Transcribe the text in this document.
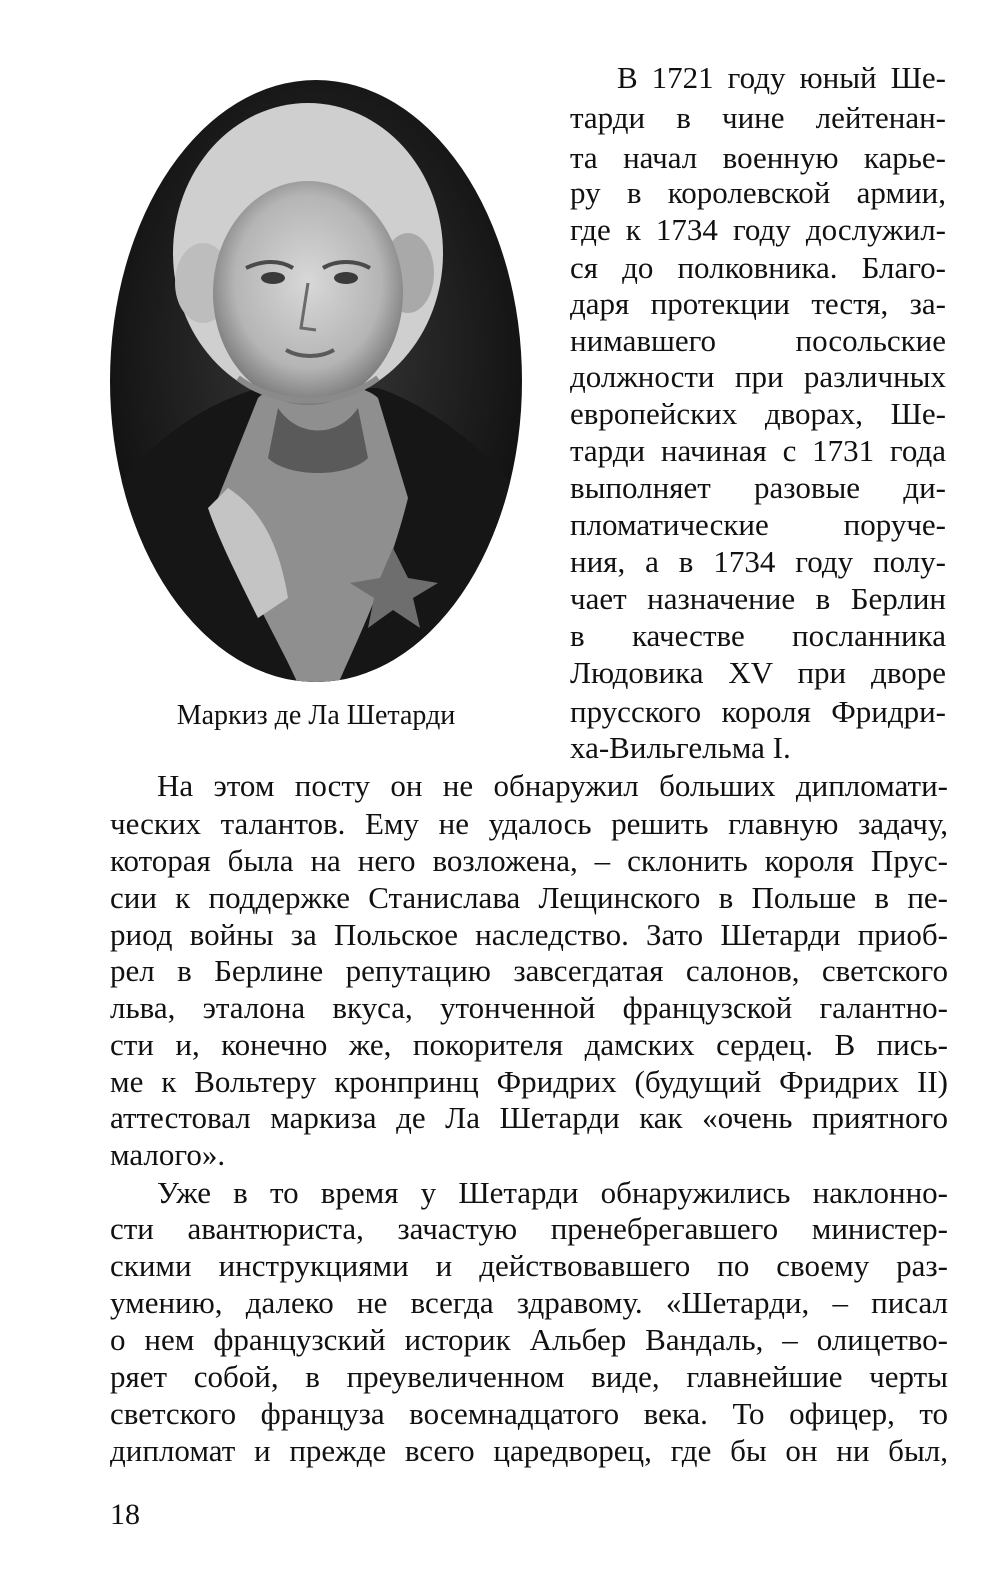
Маркиз де Ла Шетарди
В 1721 году юный Ше-
тарди в чине лейтенан-
та начал военную карье-
ру в королевской армии,
где к 1734 году дослужил-
ся до полковника. Благо-
даря протекции тестя, за-
нимавшего посольские
должности при различных
европейских дворах, Ше-
тарди начиная с 1731 года
выполняет разовые ди-
пломатические поруче-
ния, а в 1734 году полу-
чает назначение в Берлин
в качестве посланника
Людовика XV при дворе
прусского короля Фридри-
ха-Вильгельма I.
На этом посту он не обнаружил больших дипломати-
ческих талантов. Ему не удалось решить главную задачу,
которая была на него возложена, – склонить короля Прус-
сии к поддержке Станислава Лещинского в Польше в пе-
риод войны за Польское наследство. Зато Шетарди приоб-
рел в Берлине репутацию завсегдатая салонов, светского
льва, эталона вкуса, утонченной французской галантно-
сти и, конечно же, покорителя дамских сердец. В пись-
ме к Вольтеру кронпринц Фридрих (будущий Фридрих II)
аттестовал маркиза де Ла Шетарди как «очень приятного
малого».
Уже в то время у Шетарди обнаружились наклонно-
сти авантюриста, зачастую пренебрегавшего министер-
скими инструкциями и действовавшего по своему раз-
умению, далеко не всегда здравому. «Шетарди, – писал
о нем французский историк Альбер Вандаль, – олицетво-
ряет собой, в преувеличенном виде, главнейшие черты
светского француза восемнадцатого века. То офицер, то
дипломат и прежде всего царедворец, где бы он ни был,
18
